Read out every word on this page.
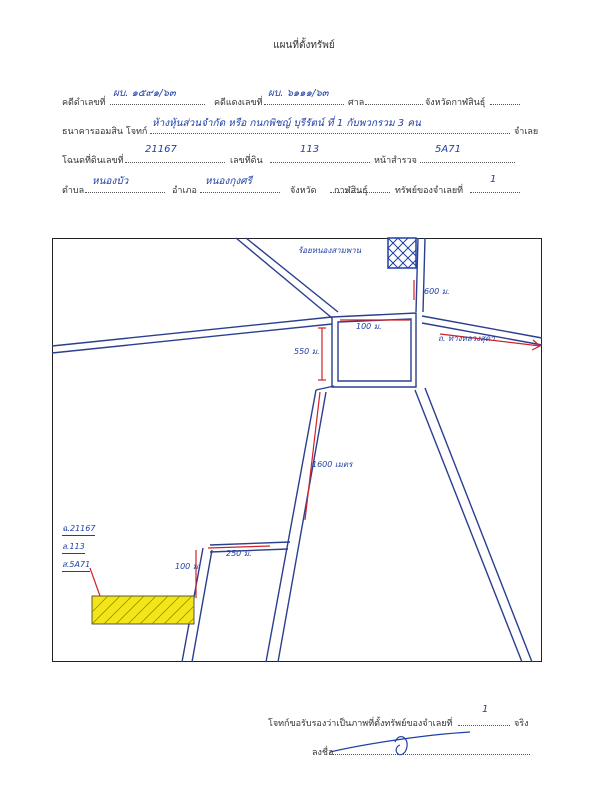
แผนที่ตั้งทรัพย์
คดีดำเลขที่
ผบ. ๑๕๙๑/๖๓
คดีแดงเลขที่
ผบ. ๖๑๑๑/๖๓
ศาล	จังหวัดกาฬสินธุ์
ธนาคารออมสิน โจทก์
ห้างหุ้นส่วนจำกัด หรือ กนกพิชญ์ บุรีรัตน์ ที่ 1 กับพวกรวม 3 คน
จำเลย
โฉนดที่ดินเลขที่
21167
เลขที่ดิน
113
หน้าสำรวจ
5A71
ตำบล
หนองบัว
อำเภอ
หนองกุงศรี
จังหวัด กาฬสินธุ์	ทรัพย์ของจำเลยที่
1
ร้อยหนองสามพาน
600 ม.
100 ม.
550 ม.
ถ. ทางหลวงสุดา
1600 เมตร
250 ม.
100 ม.
ฉ.21167
ล.113
ส.5A71
โจทก์ขอรับรองว่าเป็นภาพที่ตั้งทรัพย์ของจำเลยที่
1
จริง
ลงชื่อ
